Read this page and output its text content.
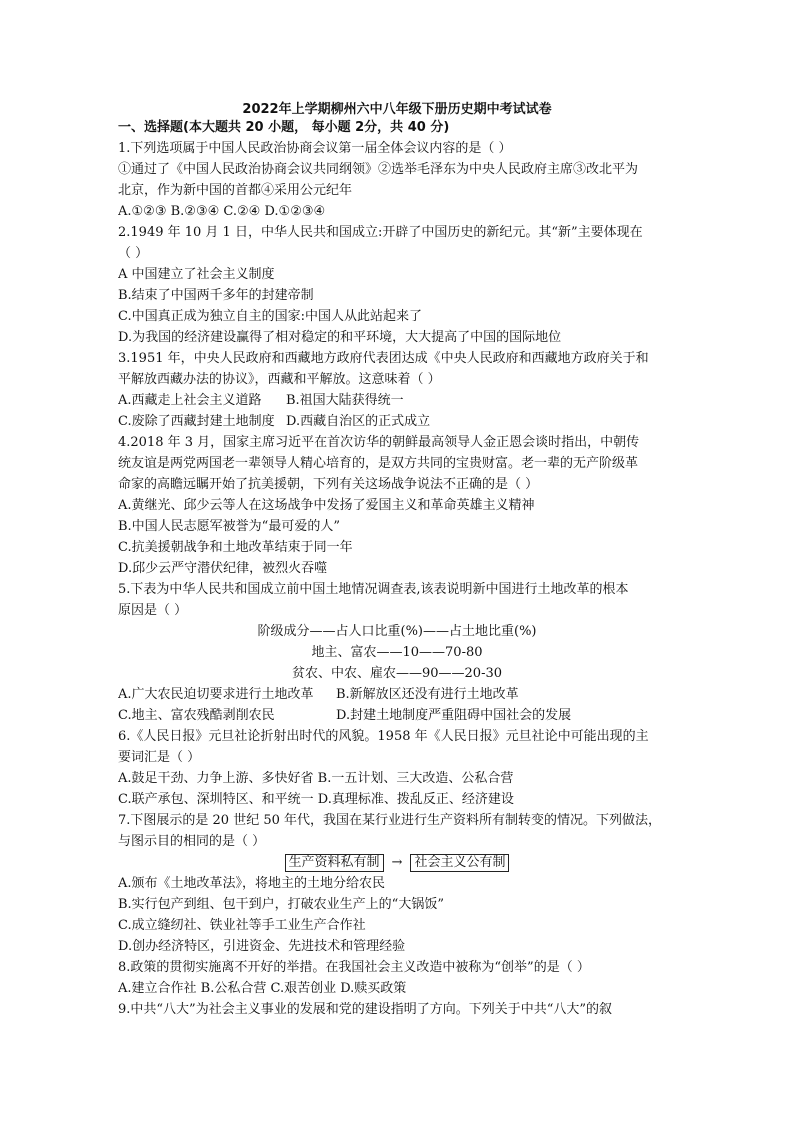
2022年上学期柳州六中八年级下册历史期中考试试卷
一、选择题(本大题共 20 小题， 每小题 2分，共 40 分)
1.下列选项属于中国人民政治协商会议第一届全体会议内容的是（ ）
①通过了《中国人民政治协商会议共同纲领》②选举毛泽东为中央人民政府主席③改北平为
北京，作为新中国的首都④采用公元纪年
A.①②③ B.②③④ C.②④ D.①②③④
2.1949 年 10 月 1 日，中华人民共和国成立:开辟了中国历史的新纪元。其“新”主要体现在
（ ）
A 中国建立了社会主义制度
B.结束了中国两千多年的封建帝制
C.中国真正成为独立自主的国家:中国人从此站起来了
D.为我国的经济建设赢得了相对稳定的和平环境，大大提高了中国的国际地位
3.1951 年，中央人民政府和西藏地方政府代表团达成《中央人民政府和西藏地方政府关于和
平解放西藏办法的协议》，西藏和平解放。这意味着（ ）
A.西藏走上社会主义道路	B.祖国大陆获得统一
C.废除了西藏封建土地制度 D.西藏自治区的正式成立
4.2018 年 3 月，国家主席习近平在首次访华的朝鲜最高领导人金正恩会谈时指出，中朝传
统友谊是两党两国老一辈领导人精心培育的，是双方共同的宝贵财富。老一辈的无产阶级革
命家的高瞻远瞩开始了抗美援朝，下列有关这场战争说法不正确的是（ ）
A.黄继光、邱少云等人在这场战争中发扬了爱国主义和革命英雄主义精神
B.中国人民志愿军被誉为“最可爱的人”
C.抗美援朝战争和土地改革结束于同一年
D.邱少云严守潜伏纪律，被烈火吞噬
5.下表为中华人民共和国成立前中国土地情况调查表,该表说明新中国进行土地改革的根本
原因是（ ）
阶级成分——占人口比重(%)——占土地比重(%)
地主、富农——10——70-80
贫农、中农、雇农——90——20-30
A.广大农民迫切要求进行土地改革	B.新解放区还没有进行土地改革
C.地主、富农残酷剥削农民	D.封建土地制度严重阻碍中国社会的发展
6.《人民日报》元旦社论折射出时代的风貌。1958 年《人民日报》元旦社论中可能出现的主
要词汇是（ ）
A.鼓足干劲、力争上游、多快好省 B.一五计划、三大改造、公私合营
C.联产承包、深圳特区、和平统一 D.真理标准、拨乱反正、经济建设
7.下图展示的是 20 世纪 50 年代，我国在某行业进行生产资料所有制转变的情况。下列做法，
与图示目的相同的是（ ）
生产资料私有制 → 社会主义公有制
A.颁布《土地改革法》，将地主的土地分给农民
B.实行包产到组、包干到户，打破农业生产上的“大锅饭”
C.成立缝纫社、铁业社等手工业生产合作社
D.创办经济特区，引进资金、先进技术和管理经验
8.政策的贯彻实施离不开好的举措。在我国社会主义改造中被称为“创举”的是（ ）
A.建立合作社 B.公私合营 C.艰苦创业 D.赎买政策
9.中共“八大”为社会主义事业的发展和党的建设指明了方向。下列关于中共“八大”的叙
